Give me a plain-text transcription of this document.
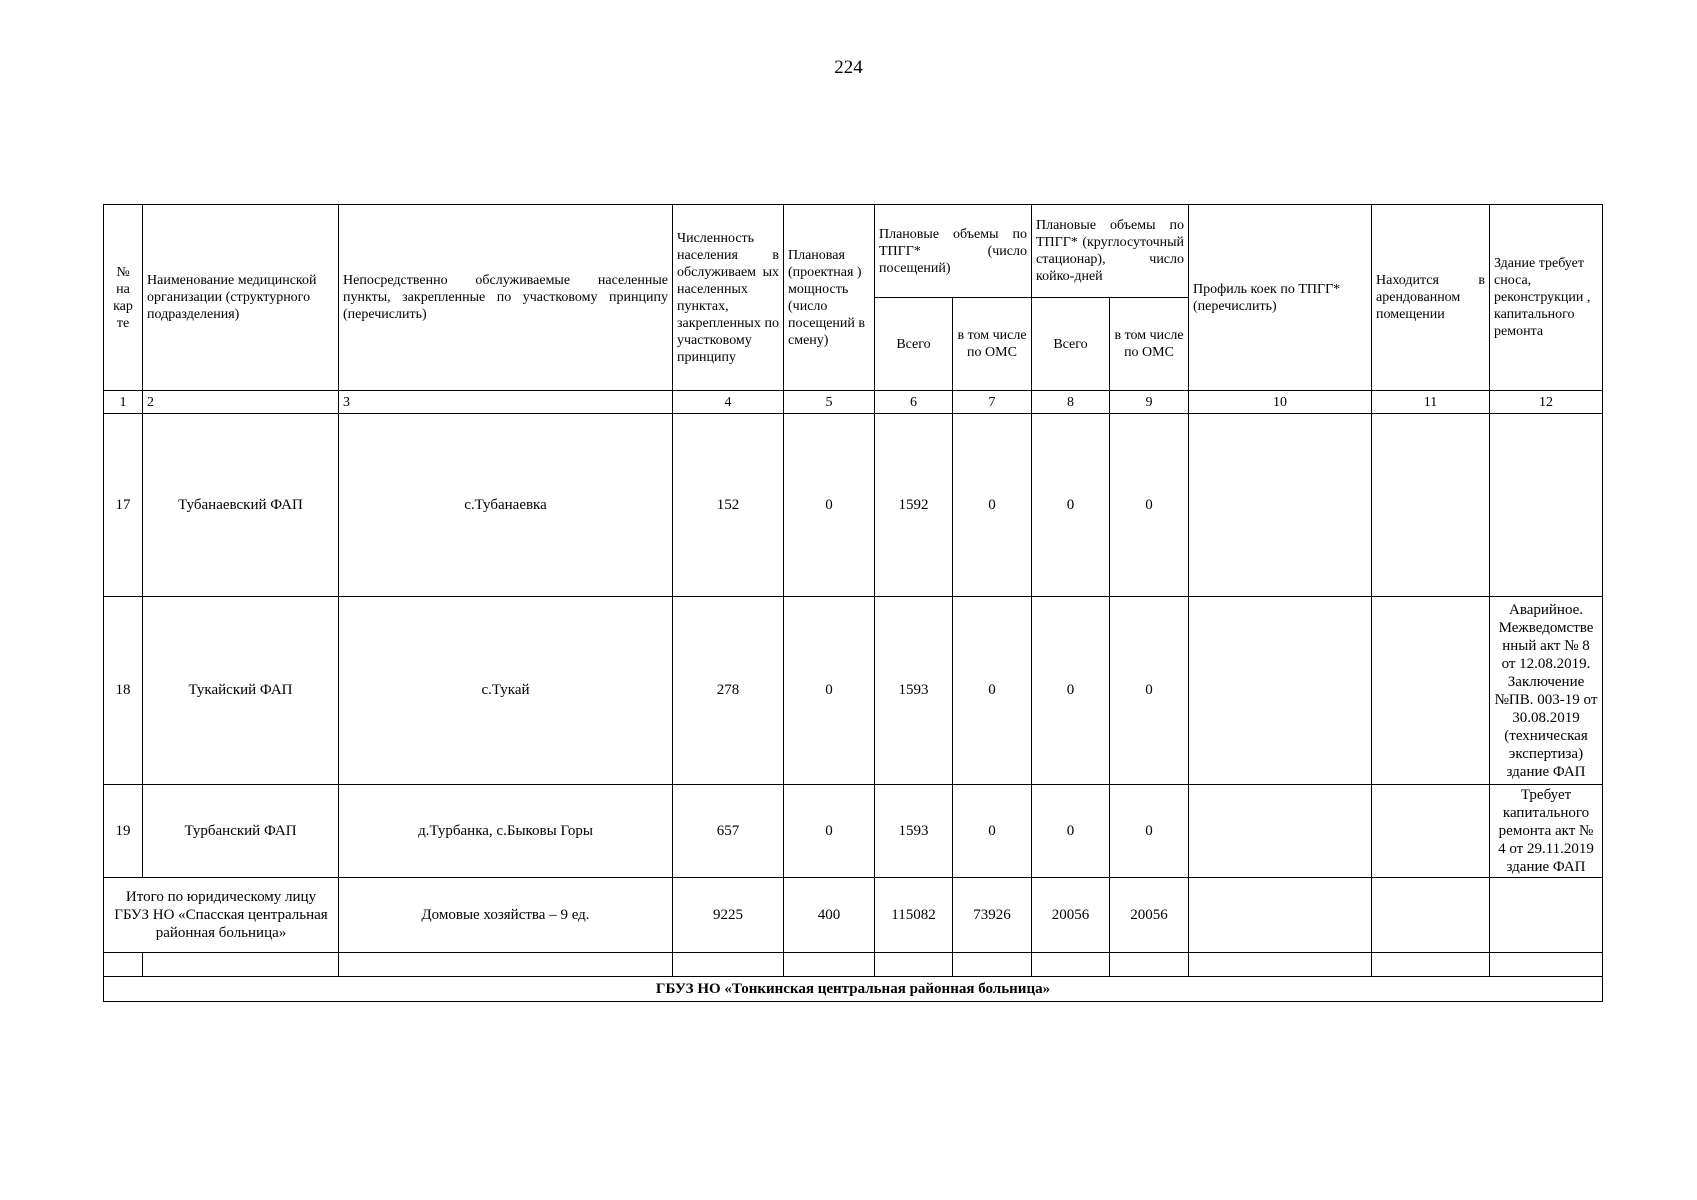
224
№ на кар те	Наименование медицинской организации (структурного подразделения)	Непосредственно обслуживаемые населенные пункты, закрепленные по участковому принципу (перечислить)	Численность населения в обслуживаем ых населенных пунктах, закрепленных по участковому принципу	Плановая (проектная ) мощность (число посещений в смену)	Плановые объемы по ТПГГ* (число посещений)		Плановые объемы по ТПГГ* (круглосуточный стационар), число койко-дней		Профиль коек по ТПГГ* (перечислить)	Находится в арендованном помещении	Здание требует сноса, реконструкции , капитального ремонта
					Всего	в том числе по ОМС	Всего	в том числе по ОМС			
1	2	3	4	5	6	7	8	9	10	11	12
17	Тубанаевский ФАП	с.Тубанаевка	152	0	1592	0	0	0			
18	Тукайский ФАП	с.Тукай	278	0	1593	0	0	0			Аварийное. Межведомстве нный акт № 8 от 12.08.2019. Заключение №ПВ. 003-19 от 30.08.2019 (техническая экспертиза) здание ФАП
19	Турбанский ФАП	д.Турбанка, с.Быковы Горы	657	0	1593	0	0	0			Требует капитального ремонта акт № 4 от 29.11.2019 здание ФАП
Итого по юридическому лицу ГБУЗ НО «Спасская центральная районная больница»		Домовые хозяйства – 9 ед.	9225	400	115082	73926	20056	20056			

ГБУЗ НО «Тонкинская центральная районная больница»											
